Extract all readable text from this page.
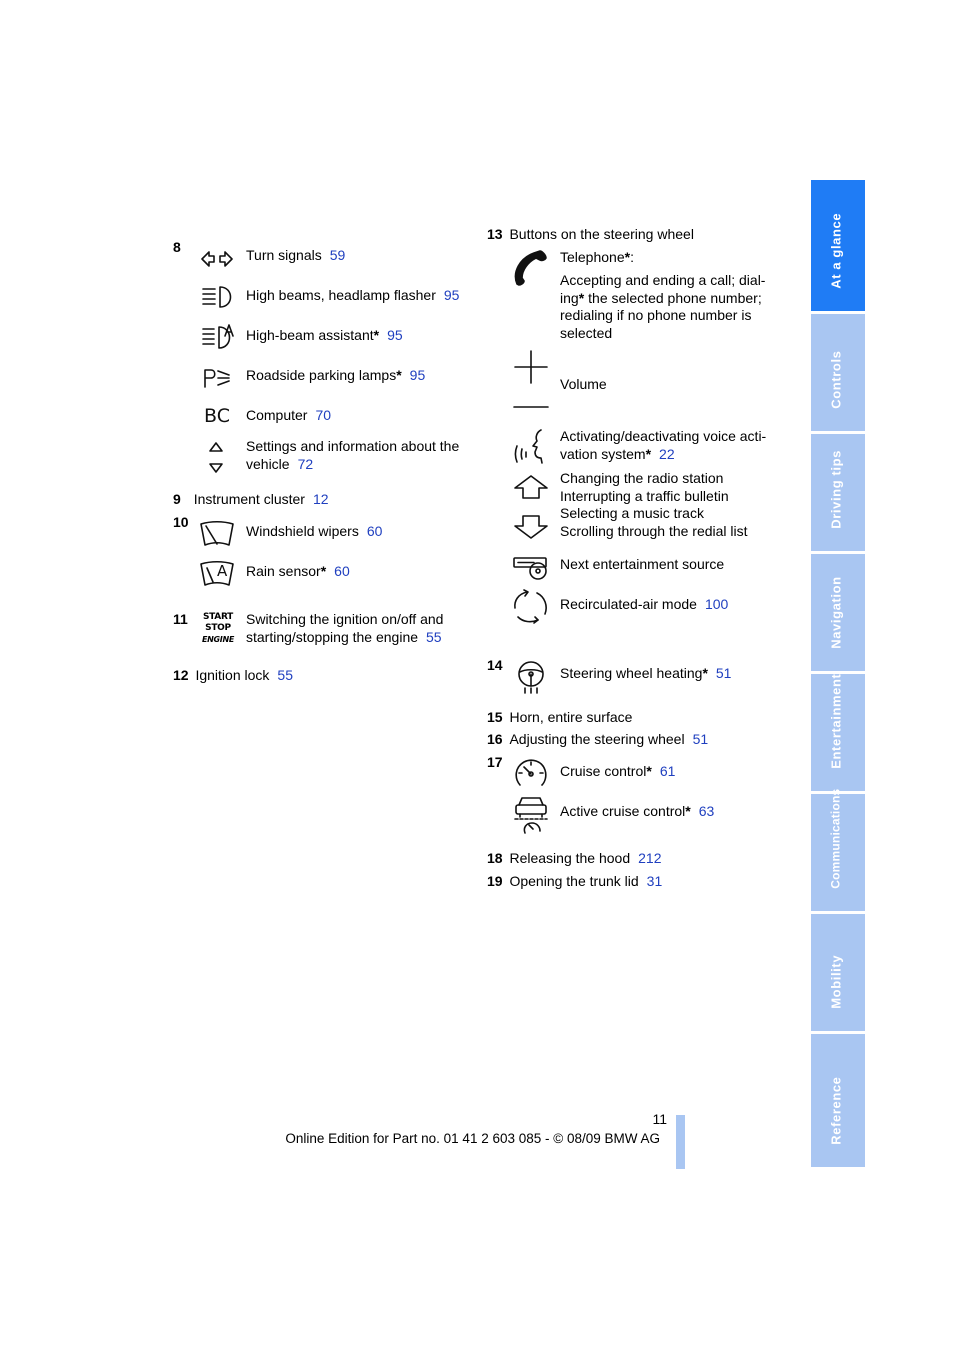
8	Turn signals 59
High beams, headlamp flasher 95
High-beam assistant* 95
Roadside parking lamps* 95
BC Computer 70
Settings and information about the
vehicle 72
9 Instrument cluster 12
10
Windshield wipers 60
A Rain sensor* 60
11	START
STOP
ENGINE
Switching the ignition on/off and
starting/stopping the engine 55
12 Ignition lock 55
13 Buttons on the steering wheel
Telephone*:
Accepting and ending a call; dial-
ing* the selected phone number;
redialing if no phone number is
selected
Volume
Activating/deactivating voice acti-
vation system* 22
Changing the radio station
Interrupting a traffic bulletin
Selecting a music track
Scrolling through the redial list
Next entertainment source
Recirculated-air mode 100
14	Steering wheel heating* 51
15 Horn, entire surface
16 Adjusting the steering wheel 51
17
Cruise control* 61
Active cruise control* 63
18 Releasing the hood 212
19 Opening the trunk lid 31
At a glance
Controls
Driving tips
Navigation
Entertainment
Communications
Mobility
Reference
11
Online Edition for Part no. 01 41 2 603 085 - © 08/09 BMW AG
